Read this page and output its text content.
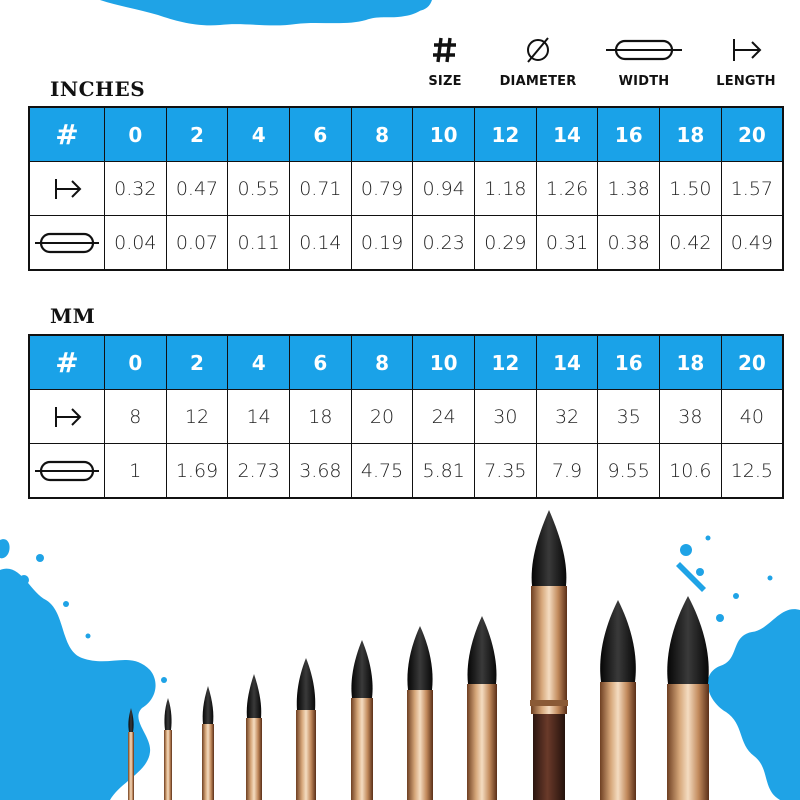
SIZE	DIAMETER	WIDTH	LENGTH
INCHES
#	0	2	4	6	8	10	12	14	16	18	20

	0.32	0.47	0.55	0.71	0.79	0.94	1.18	1.26	1.38	1.50	1.57

	0.04	0.07	0.11	0.14	0.19	0.23	0.29	0.31	0.38	0.42	0.49
MM
#	0	2	4	6	8	10	12	14	16	18	20

	8	12	14	18	20	24	30	32	35	38	40

	1	1.69	2.73	3.68	4.75	5.81	7.35	7.9	9.55	10.6	12.5
